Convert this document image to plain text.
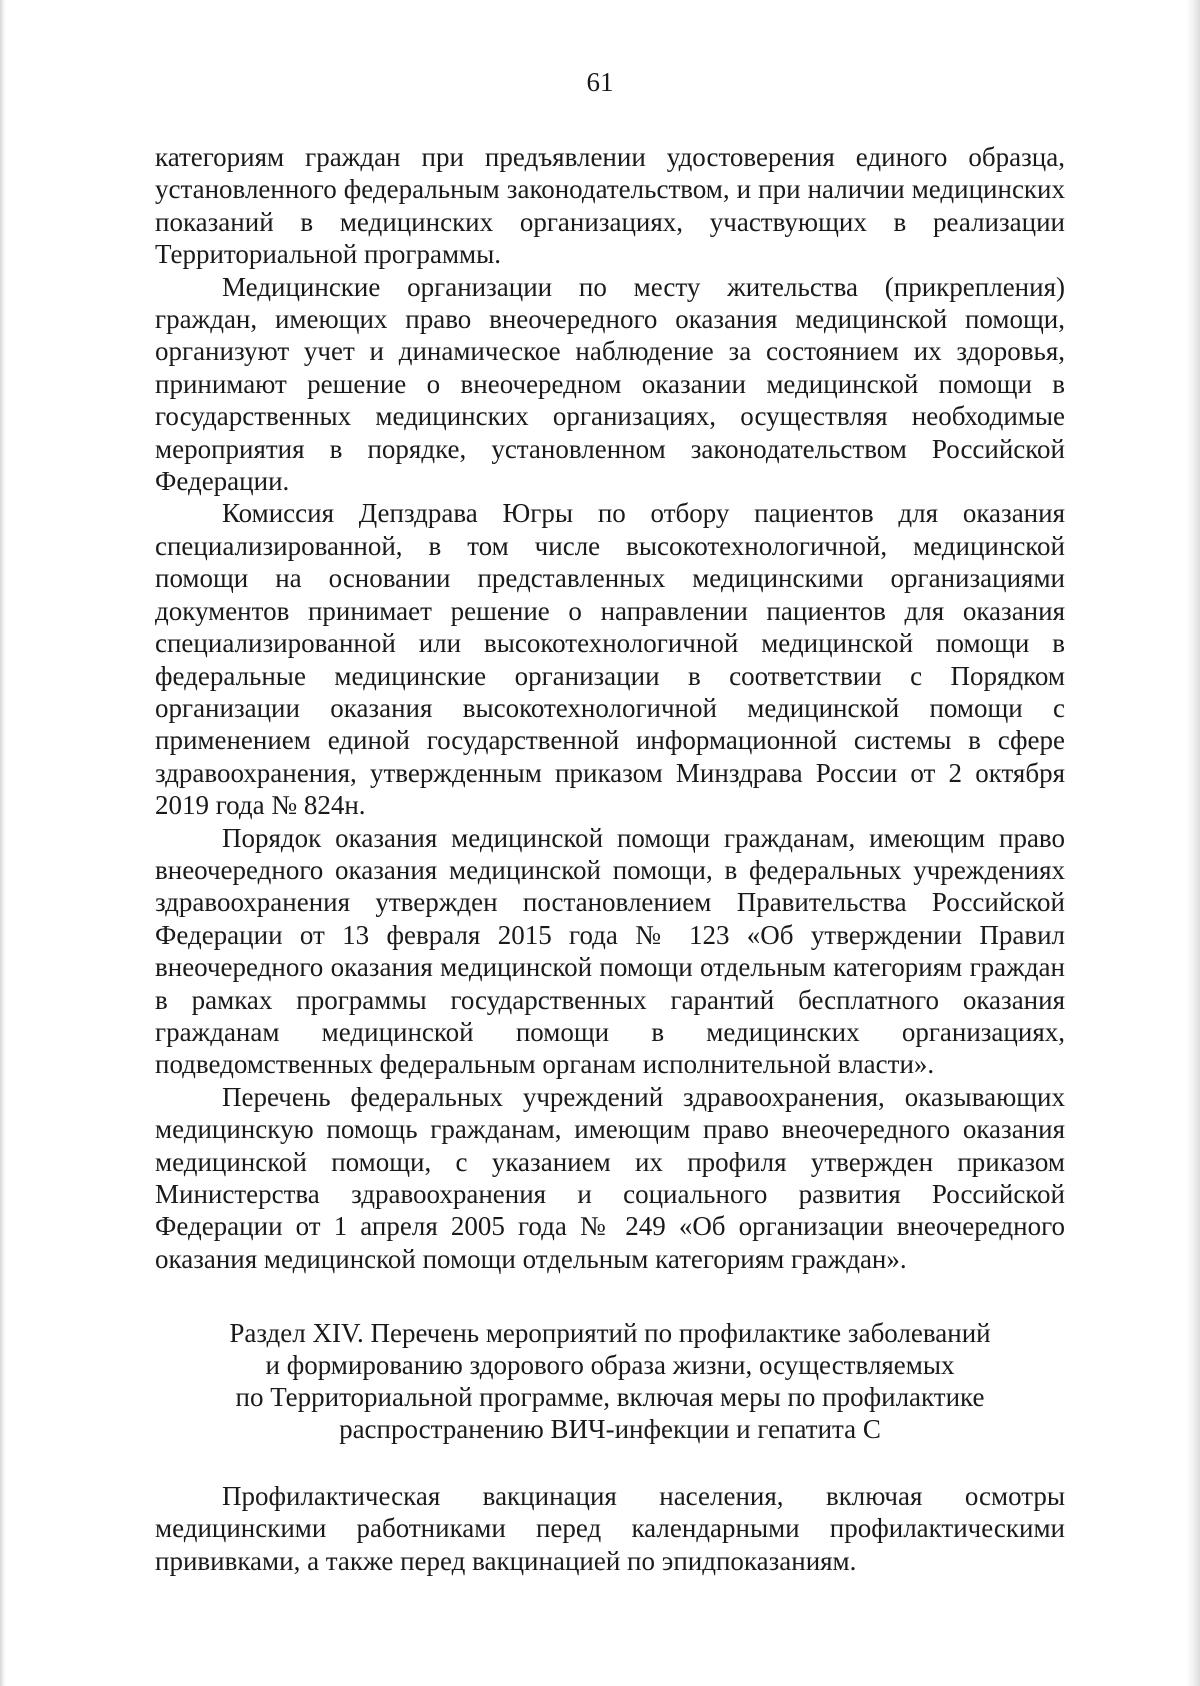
61

категориям граждан при предъявлении удостоверения единого образца, установленного федеральным законодательством, и при наличии медицинских показаний в медицинских организациях, участвующих в реализации Территориальной программы.

Медицинские организации по месту жительства (прикрепления) граждан, имеющих право внеочередного оказания медицинской помощи, организуют учет и динамическое наблюдение за состоянием их здоровья, принимают решение о внеочередном оказании медицинской помощи в государственных медицинских организациях, осуществляя необходимые мероприятия в порядке, установленном законодательством Российской Федерации.

Комиссия Депздрава Югры по отбору пациентов для оказания специализированной, в том числе высокотехнологичной, медицинской помощи на основании представленных медицинскими организациями документов принимает решение о направлении пациентов для оказания специализированной или высокотехнологичной медицинской помощи в федеральные медицинские организации в соответствии с Порядком организации оказания высокотехнологичной медицинской помощи с применением единой государственной информационной системы в сфере здравоохранения, утвержденным приказом Минздрава России от 2 октября 2019 года № 824н.

Порядок оказания медицинской помощи гражданам, имеющим право внеочередного оказания медицинской помощи, в федеральных учреждениях здравоохранения утвержден постановлением Правительства Российской Федерации от 13 февраля 2015 года № 123 «Об утверждении Правил внеочередного оказания медицинской помощи отдельным категориям граждан в рамках программы государственных гарантий бесплатного оказания гражданам медицинской помощи в медицинских организациях, подведомственных федеральным органам исполнительной власти».

Перечень федеральных учреждений здравоохранения, оказывающих медицинскую помощь гражданам, имеющим право внеочередного оказания медицинской помощи, с указанием их профиля утвержден приказом Министерства здравоохранения и социального развития Российской Федерации от 1 апреля 2005 года № 249 «Об организации внеочередного оказания медицинской помощи отдельным категориям граждан».

Раздел XIV. Перечень мероприятий по профилактике заболеваний
и формированию здорового образа жизни, осуществляемых
по Территориальной программе, включая меры по профилактике
распространению ВИЧ-инфекции и гепатита С

Профилактическая вакцинация населения, включая осмотры медицинскими работниками перед календарными профилактическими прививками, а также перед вакцинацией по эпидпоказаниям.
